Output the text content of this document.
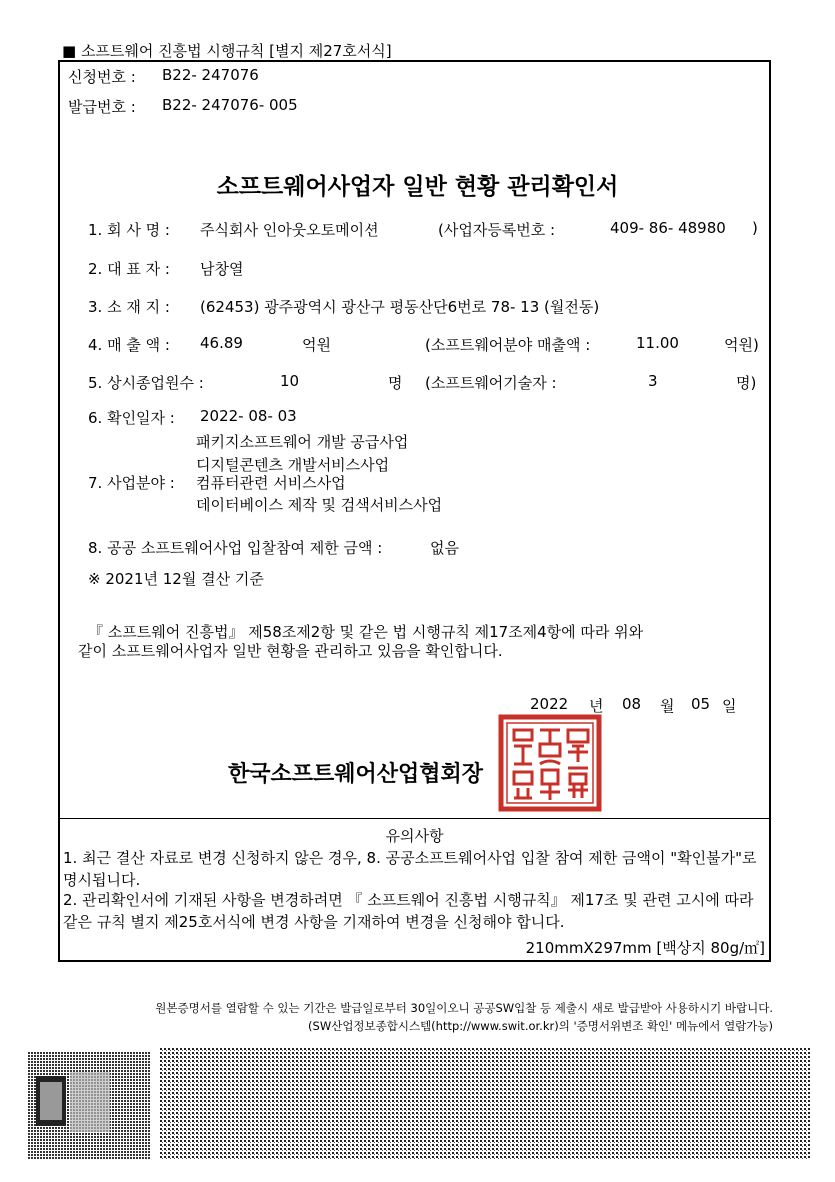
■ 소프트웨어 진흥법 시행규칙 [별지 제27호서식]
신청번호 : B22- 247076
발급번호 : B22- 247076- 005
소프트웨어사업자 일반 현황 관리확인서
1. 회 사 명 : 주식회사 인아웃오토메이션	(사업자등록번호 :	409- 86- 48980 )
2. 대 표 자 : 남창열
3. 소 재 지 : (62453) 광주광역시 광산구 평동산단6번로 78- 13 (월전동)
4. 매 출 액 : 46.89	억원	(소프트웨어분야 매출액 :	11.00	억원)
5. 상시종업원수 :	10	명 (소프트웨어기술자 :	3	명)
6. 확인일자 : 2022- 08- 03
패키지소프트웨어 개발 공급사업
디지털콘텐츠 개발서비스사업
7. 사업분야 : 컴퓨터관련 서비스사업
데이터베이스 제작 및 검색서비스사업
8. 공공 소프트웨어사업 입찰참여 제한 금액 :	없음
※ 2021년 12월 결산 기준
『 소프트웨어 진흥법』 제58조제2항 및 같은 법 시행규칙 제17조제4항에 따라 위와
같이 소프트웨어사업자 일반 현황을 관리하고 있음을 확인합니다.
2022 년 08 월 05 일
한국소프트웨어산업협회장
유의사항
1. 최근 결산 자료로 변경 신청하지 않은 경우, 8. 공공소프트웨어사업 입찰 참여 제한 금액이 "확인불가"로 명시됩니다.
2. 관리확인서에 기재된 사항을 변경하려면 『 소프트웨어 진흥법 시행규칙』 제17조 및 관련 고시에 따라 같은 규칙 별지 제25호서식에 변경 사항을 기재하여 변경을 신청해야 합니다.
210mmX297mm [백상지 80g/㎡]
원본증명서를 열람할 수 있는 기간은 발급일로부터 30일이오니 공공SW입찰 등 제출시 새로 발급받아 사용하시기 바랍니다.
(SW산업정보종합시스템(http://www.swit.or.kr)의 '증명서위변조 확인' 메뉴에서 열람가능)
